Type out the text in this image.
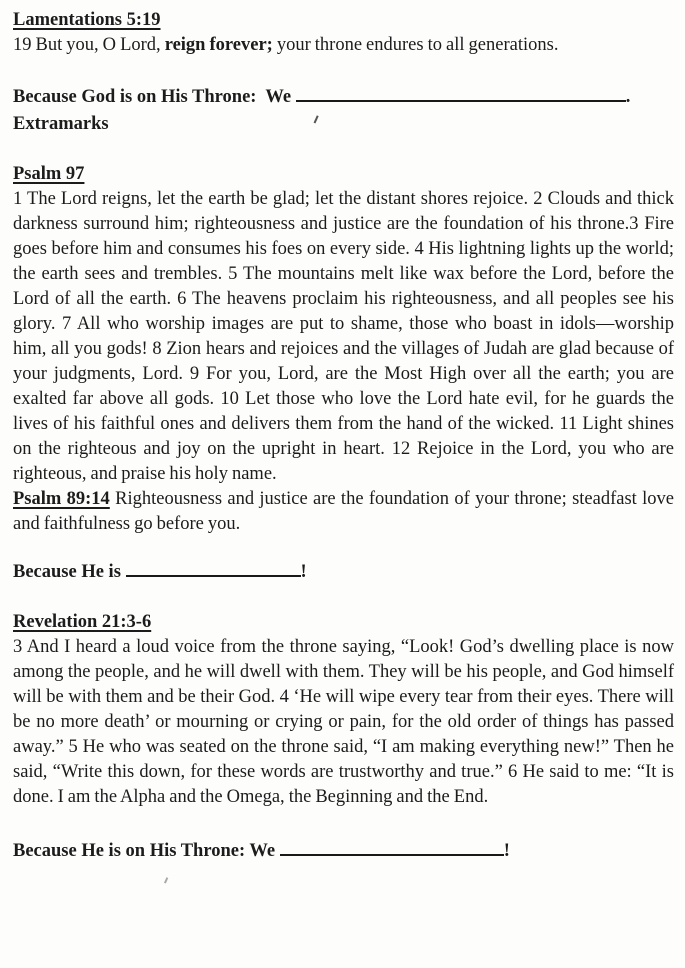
Lamentations 5:19

19 But you, O Lord, reign forever; your throne endures to all generations.

Because God is on His Throne:  We	. Extramarks
Psalm 97

1 The Lord reigns, let the earth be glad; let the distant shores rejoice. 2 Clouds and thick darkness surround him; righteousness and justice are the foundation of his throne.3 Fire goes before him and consumes his foes on every side. 4 His lightning lights up the world; the earth sees and trembles. 5 The mountains melt like wax before the Lord, before the Lord of all the earth. 6 The heavens proclaim his righteousness, and all peoples see his glory. 7 All who worship images are put to shame, those who boast in idols—worship him, all you gods! 8 Zion hears and rejoices and the villages of Judah are glad because of your judgments, Lord. 9 For you, Lord, are the Most High over all the earth; you are exalted far above all gods. 10 Let those who love the Lord hate evil, for he guards the lives of his faithful ones and delivers them from the hand of the wicked. 11 Light shines on the righteous and joy on the upright in heart. 12 Rejoice in the Lord, you who are righteous, and praise his holy name.

Psalm 89:14 Righteousness and justice are the foundation of your throne; steadfast love and faithfulness go before you.

Because He is	!
Revelation 21:3-6

3 And I heard a loud voice from the throne saying, “Look! God’s dwelling place is now among the people, and he will dwell with them. They will be his people, and God himself will be with them and be their God. 4 ‘He will wipe every tear from their eyes. There will be no more death’ or mourning or crying or pain, for the old order of things has passed away.” 5 He who was seated on the throne said, “I am making everything new!” Then he said, “Write this down, for these words are trustworthy and true.” 6 He said to me: “It is done. I am the Alpha and the Omega, the Beginning and the End.

Because He is on His Throne: We	!
